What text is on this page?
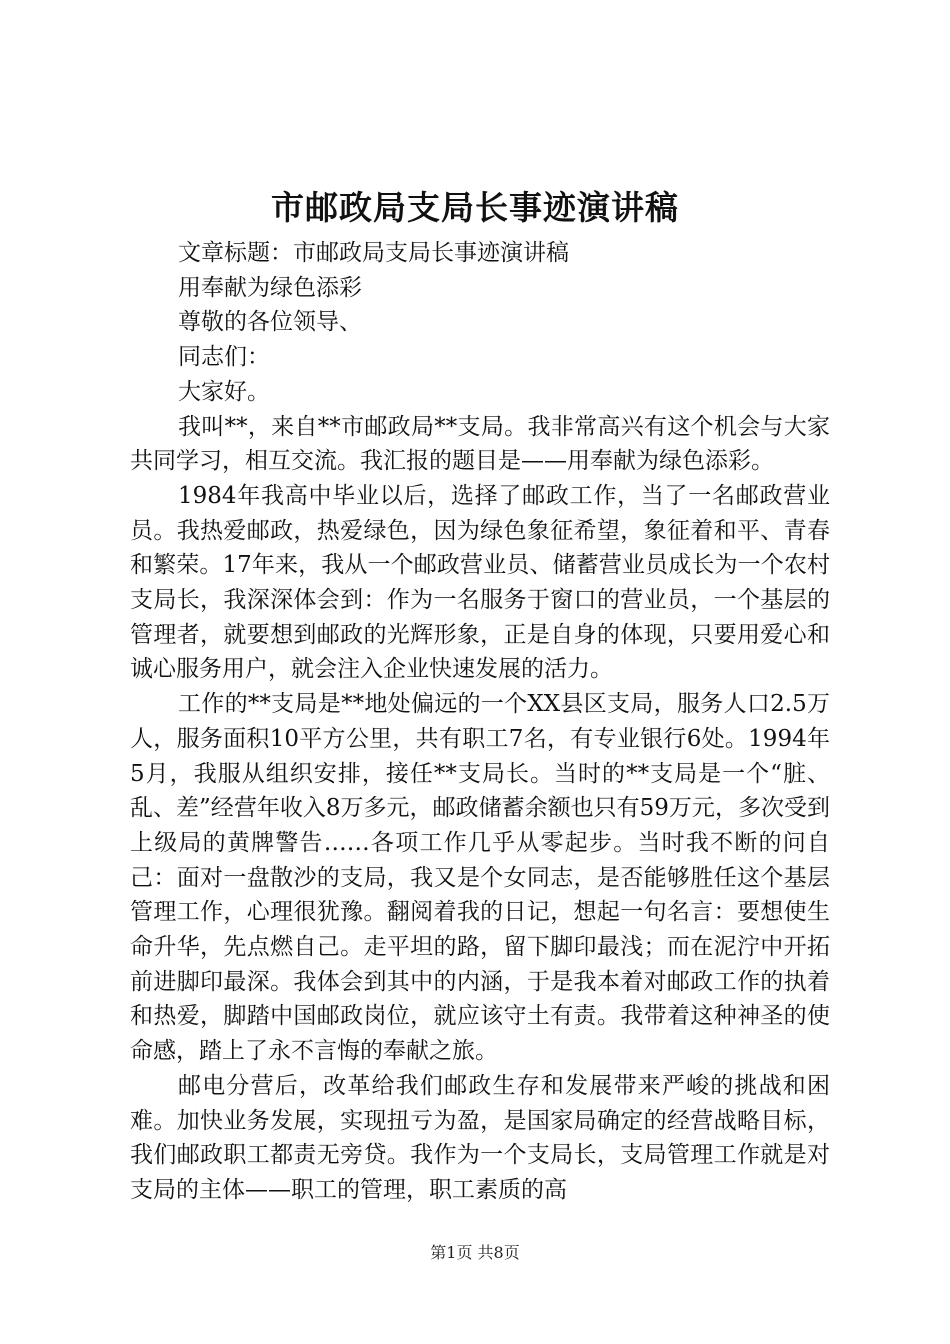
市邮政局支局长事迹演讲稿

文章标题：市邮政局支局长事迹演讲稿

用奉献为绿色添彩

尊敬的各位领导、

同志们：

大家好。

我叫**，来自**市邮政局**支局。我非常高兴有这个机会与大家共同学习，相互交流。我汇报的题目是——用奉献为绿色添彩。

1984年我高中毕业以后，选择了邮政工作，当了一名邮政营业员。我热爱邮政，热爱绿色，因为绿色象征希望，象征着和平、青春和繁荣。17年来，我从一个邮政营业员、储蓄营业员成长为一个农村支局长，我深深体会到：作为一名服务于窗口的营业员，一个基层的管理者，就要想到邮政的光辉形象，正是自身的体现，只要用爱心和诚心服务用户，就会注入企业快速发展的活力。

工作的**支局是**地处偏远的一个XX县区支局，服务人口2.5万人，服务面积10平方公里，共有职工7名，有专业银行6处。1994年5月，我服从组织安排，接任**支局长。当时的**支局是一个“脏、乱、差”经营年收入8万多元，邮政储蓄余额也只有59万元，多次受到上级局的黄牌警告……各项工作几乎从零起步。当时我不断的问自己：面对一盘散沙的支局，我又是个女同志，是否能够胜任这个基层管理工作，心理很犹豫。翻阅着我的日记，想起一句名言：要想使生命升华，先点燃自己。走平坦的路，留下脚印最浅；而在泥泞中开拓前进脚印最深。我体会到其中的内涵，于是我本着对邮政工作的执着和热爱，脚踏中国邮政岗位，就应该守土有责。我带着这种神圣的使命感，踏上了永不言悔的奉献之旅。

邮电分营后，改革给我们邮政生存和发展带来严峻的挑战和困难。加快业务发展，实现扭亏为盈，是国家局确定的经营战略目标，我们邮政职工都责无旁贷。我作为一个支局长，支局管理工作就是对支局的主体——职工的管理，职工素质的高

第1页 共8页
